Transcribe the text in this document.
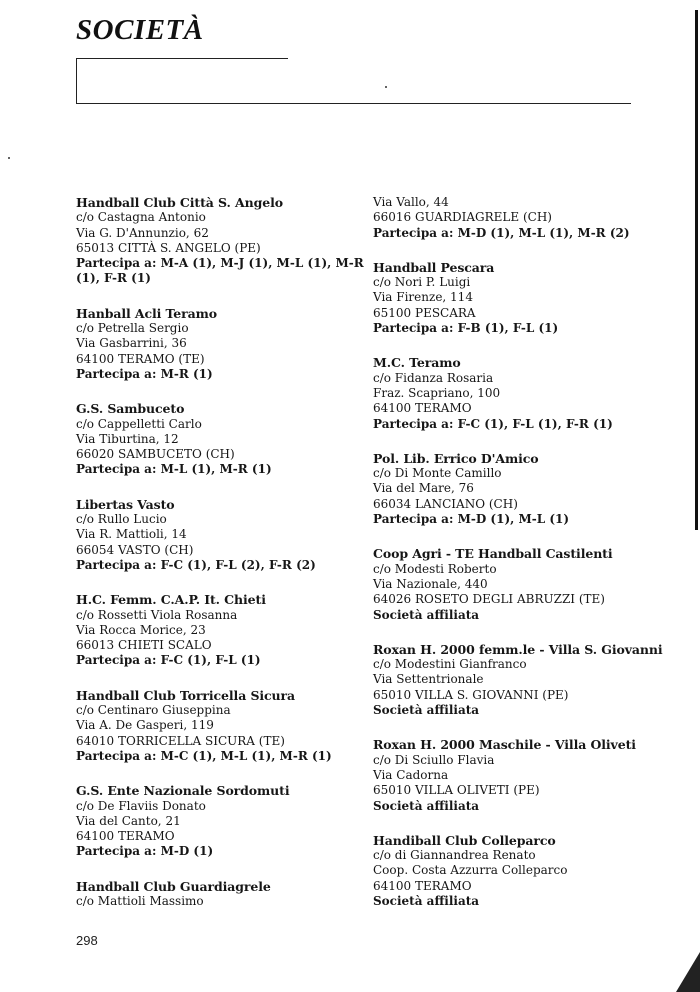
SOCIETÀ
Handball Club Città S. Angelo
c/o Castagna Antonio
Via G. D'Annunzio, 62
65013 CITTÀ S. ANGELO (PE)
Partecipa a: M-A (1), M-J (1), M-L (1), M-R
(1), F-R (1)
Hanball Acli Teramo
c/o Petrella Sergio
Via Gasbarrini, 36
64100 TERAMO (TE)
Partecipa a: M-R (1)
G.S. Sambuceto
c/o Cappelletti Carlo
Via Tiburtina, 12
66020 SAMBUCETO (CH)
Partecipa a: M-L (1), M-R (1)
Libertas Vasto
c/o Rullo Lucio
Via R. Mattioli, 14
66054 VASTO (CH)
Partecipa a: F-C (1), F-L (2), F-R (2)
H.C. Femm. C.A.P. It. Chieti
c/o Rossetti Viola Rosanna
Via Rocca Morice, 23
66013 CHIETI SCALO
Partecipa a: F-C (1), F-L (1)
Handball Club Torricella Sicura
c/o Centinaro Giuseppina
Via A. De Gasperi, 119
64010 TORRICELLA SICURA (TE)
Partecipa a: M-C (1), M-L (1), M-R (1)
G.S. Ente Nazionale Sordomuti
c/o De Flaviis Donato
Via del Canto, 21
64100 TERAMO
Partecipa a: M-D (1)
Handball Club Guardiagrele
c/o Mattioli Massimo
Via Vallo, 44
66016 GUARDIAGRELE (CH)
Partecipa a: M-D (1), M-L (1), M-R (2)
Handball Pescara
c/o Nori P. Luigi
Via Firenze, 114
65100 PESCARA
Partecipa a: F-B (1), F-L (1)
M.C. Teramo
c/o Fidanza Rosaria
Fraz. Scapriano, 100
64100 TERAMO
Partecipa a: F-C (1), F-L (1), F-R (1)
Pol. Lib. Errico D'Amico
c/o Di Monte Camillo
Via del Mare, 76
66034 LANCIANO (CH)
Partecipa a: M-D (1), M-L (1)
Coop Agri - TE Handball Castilenti
c/o Modesti Roberto
Via Nazionale, 440
64026 ROSETO DEGLI ABRUZZI (TE)
Società affiliata
Roxan H. 2000 femm.le - Villa S. Giovanni
c/o Modestini Gianfranco
Via Settentrionale
65010 VILLA S. GIOVANNI (PE)
Società affiliata
Roxan H. 2000 Maschile - Villa Oliveti
c/o Di Sciullo Flavia
Via Cadorna
65010 VILLA OLIVETI (PE)
Società affiliata
Handiball Club Colleparco
c/o di Giannandrea Renato
Coop. Costa Azzurra Colleparco
64100 TERAMO
Società affiliata
298
